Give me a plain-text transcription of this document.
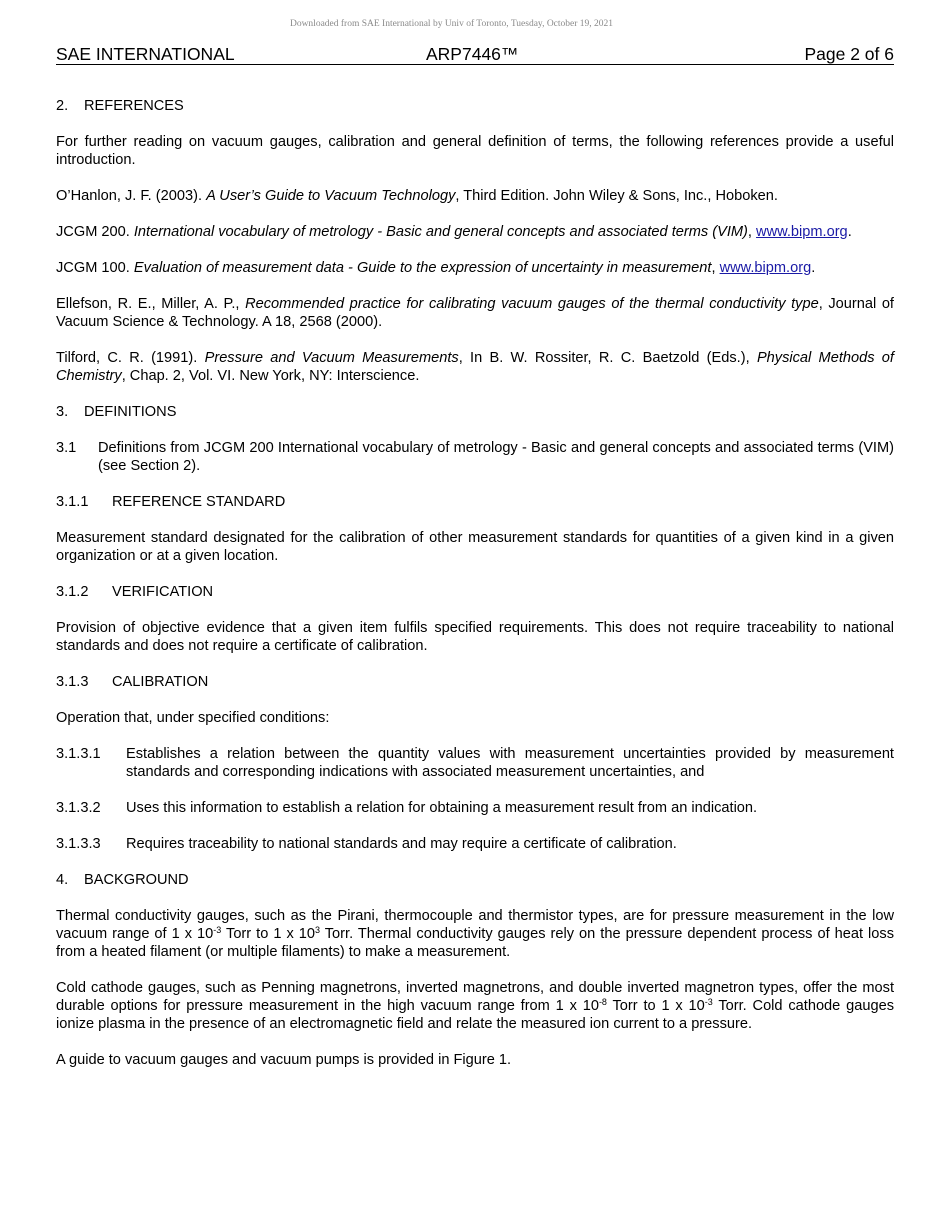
Downloaded from SAE International by Univ of Toronto, Tuesday, October 19, 2021
SAE INTERNATIONAL	ARP7446™	Page 2 of 6
2. REFERENCES

For further reading on vacuum gauges, calibration and general definition of terms, the following references provide a useful introduction.

O’Hanlon, J. F. (2003). A User’s Guide to Vacuum Technology, Third Edition. John Wiley & Sons, Inc., Hoboken.

JCGM 200. International vocabulary of metrology - Basic and general concepts and associated terms (VIM), www.bipm.org.

JCGM 100. Evaluation of measurement data - Guide to the expression of uncertainty in measurement, www.bipm.org.

Ellefson, R. E., Miller, A. P., Recommended practice for calibrating vacuum gauges of the thermal conductivity type, Journal of Vacuum Science & Technology. A 18, 2568 (2000).

Tilford, C. R. (1991). Pressure and Vacuum Measurements, In B. W. Rossiter, R. C. Baetzold (Eds.), Physical Methods of Chemistry, Chap. 2, Vol. VI. New York, NY: Interscience.

3. DEFINITIONS
3.1	Definitions from JCGM 200 International vocabulary of metrology - Basic and general concepts and associated terms (VIM) (see Section 2).
3.1.1 REFERENCE STANDARD

Measurement standard designated for the calibration of other measurement standards for quantities of a given kind in a given organization or at a given location.

3.1.2 VERIFICATION

Provision of objective evidence that a given item fulfils specified requirements. This does not require traceability to national standards and does not require a certificate of calibration.

3.1.3 CALIBRATION

Operation that, under specified conditions:

3.1.3.1	Establishes a relation between the quantity values with measurement uncertainties provided by measurement standards and corresponding indications with associated measurement uncertainties, and
3.1.3.2	Uses this information to establish a relation for obtaining a measurement result from an indication.
3.1.3.3	Requires traceability to national standards and may require a certificate of calibration.
4. BACKGROUND

Thermal conductivity gauges, such as the Pirani, thermocouple and thermistor types, are for pressure measurement in the low vacuum range of 1 x $10^{-3}$ Torr to 1 x $10^3$ Torr. Thermal conductivity gauges rely on the pressure dependent process of heat loss from a heated filament (or multiple filaments) to make a measurement.

Cold cathode gauges, such as Penning magnetrons, inverted magnetrons, and double inverted magnetron types, offer the most durable options for pressure measurement in the high vacuum range from 1 x $10^{-8}$ Torr to 1 x $10^{-3}$ Torr. Cold cathode gauges ionize plasma in the presence of an electromagnetic field and relate the measured ion current to a pressure.

A guide to vacuum gauges and vacuum pumps is provided in Figure 1.
